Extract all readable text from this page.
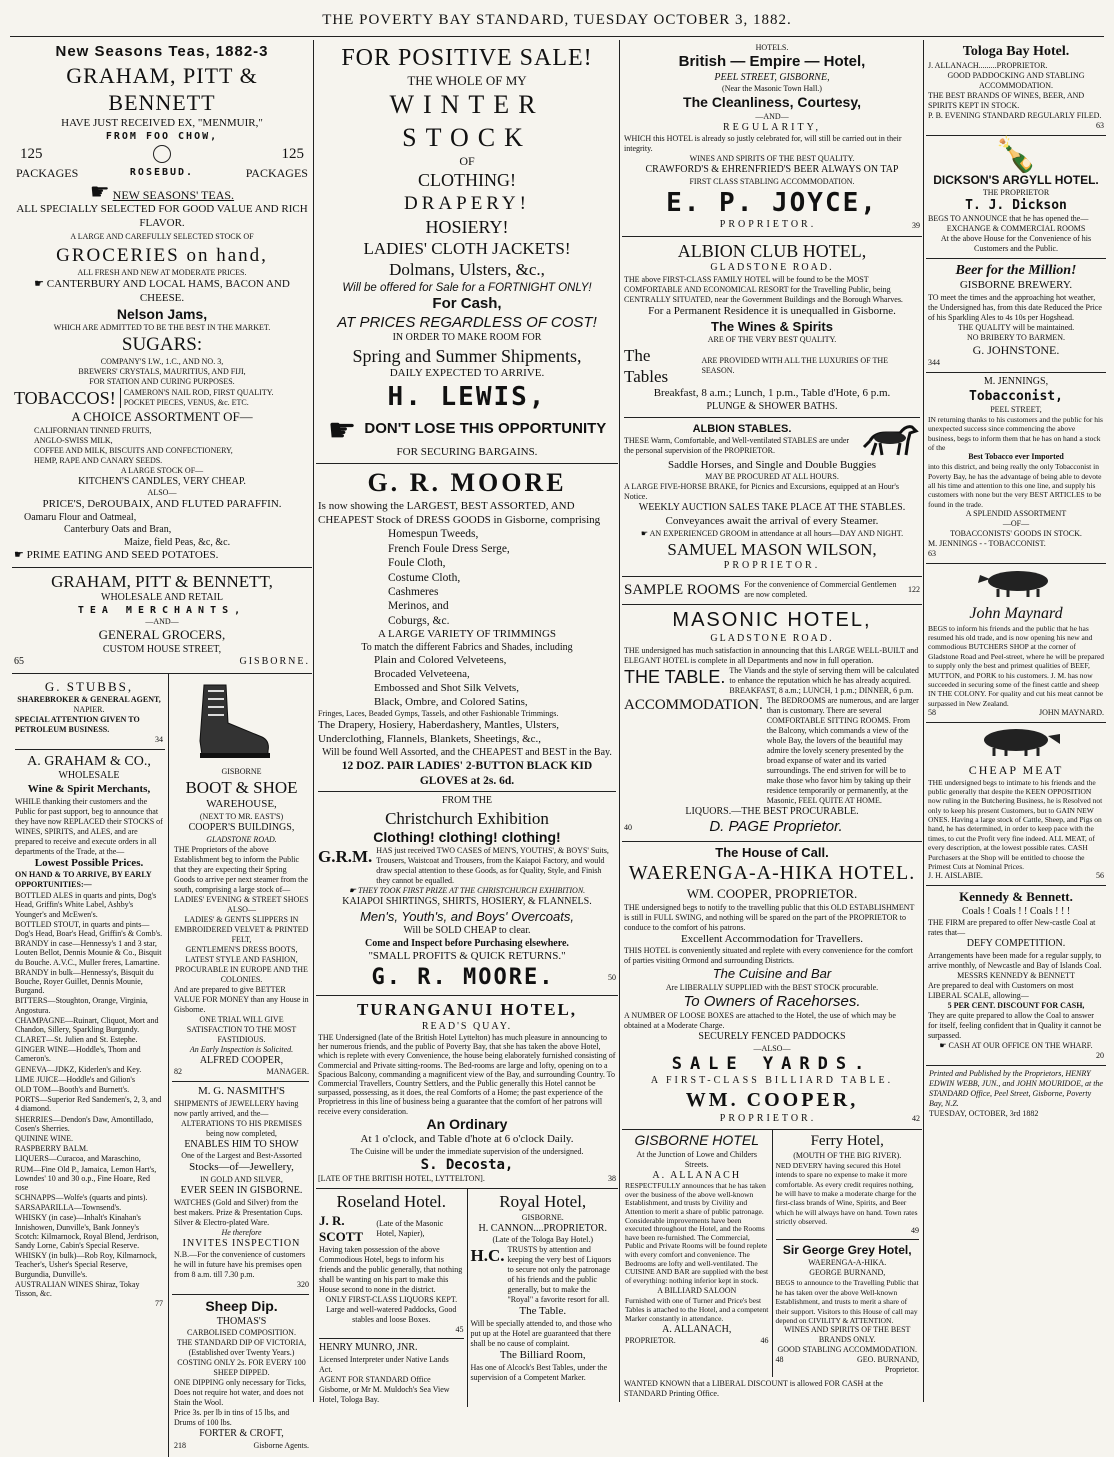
THE POVERTY BAY STANDARD, TUESDAY OCTOBER 3, 1882.
New Seasons Teas, 1882-3
GRAHAM, PITT & BENNETT
HAVE JUST RECEIVED EX, "MENMUIR,"
FROM FOO CHOW,
125	125
PACKAGES	ROSEBUD.	PACKAGES
☛ NEW SEASONS' TEAS.
ALL SPECIALLY SELECTED FOR GOOD VALUE AND RICH FLAVOR.
A LARGE AND CAREFULLY SELECTED STOCK OF
GROCERIES on hand,
ALL FRESH AND NEW AT MODERATE PRICES.
☛ CANTERBURY AND LOCAL HAMS, BACON AND CHEESE.
Nelson Jams,
WHICH ARE ADMITTED TO BE THE BEST IN THE MARKET.
SUGARS:
COMPANY'S I.W., 1.C., AND NO. 3,
BREWERS' CRYSTALS, MAURITIUS, AND FIJI,
FOR STATION AND CURING PURPOSES.
TOBACCOS! CAMERON'S NAIL ROD, FIRST QUALITY.
POCKET PIECES, VENUS, &c. ETC.
A CHOICE ASSORTMENT OF—
CALIFORNIAN TINNED FRUITS,
ANGLO-SWISS MILK,
COFFEE AND MILK, BISCUITS AND CONFECTIONERY,
HEMP, RAPE AND CANARY SEEDS.
A LARGE STOCK OF—
KITCHEN'S CANDLES, VERY CHEAP.
ALSO—
PRICE'S, DeROUBAIX, AND FLUTED PARAFFIN.
Oamaru Flour and Oatmeal,
Canterbury Oats and Bran,
Maize, field Peas, &c, &c.
☛ PRIME EATING AND SEED POTATOES.
GRAHAM, PITT & BENNETT,
WHOLESALE AND RETAIL
TEA MERCHANTS,
—AND—
GENERAL GROCERS,
CUSTOM HOUSE STREET,
65	GISBORNE.
G. STUBBS,
SHAREBROKER & GENERAL AGENT,
NAPIER.
SPECIAL ATTENTION GIVEN TO PETROLEUM BUSINESS.
34
A. GRAHAM & CO.,
WHOLESALE
Wine & Spirit Merchants,
WHILE thanking their customers and the Public for past support, beg to announce that they have now REPLACED their STOCKS of WINES, SPIRITS, and ALES, and are prepared to receive and execute orders in all departments of the Trade, at the—
Lowest Possible Prices.
ON HAND & TO ARRIVE, BY EARLY OPPORTUNITIES:—
BOTTLED ALES in quarts and pints, Dog's Head, Griffin's White Label, Ashby's Younger's and McEwen's.
BOTTLED STOUT, in quarts and pints—Dog's Head, Boar's Head, Griffin's & Comb's.
BRANDY in case—Hennessy's 1 and 3 star, Louten Bellot, Dennis Mounie & Co., Bisquit du Bouche. A.V.C., Muller freres, Lamartine.
BRANDY in bulk—Hennessy's, Bisquit du Bouche, Royer Guillet, Dennis Mounie, Burgand.
BITTERS—Stoughton, Orange, Virginia, Angostura.
CHAMPAGNE—Ruinart, Cliquot, Mort and Chandon, Sillery, Sparkling Burgundy.
CLARET—St. Julien and St. Estephe.
GINGER WINE—Hoddle's, Thom and Cameron's.
GENEVA—JDKZ, Kiderlen's and Key.
LIME JUICE—Hoddle's and Gilion's
OLD TOM—Booth's and Burnett's.
PORTS—Superior Red Sandemen's, 2, 3, and 4 diamond.
SHERRIES—Dendon's Daw, Amontillado, Cosen's Sherries.
QUININE WINE.
RASPBERRY BALM.
LIQUERS—Curacoa, and Maraschino,
RUM—Fine Old P., Jamaica, Lemon Hart's, Lowndes' 10 and 30 o.p., Fine Hoare, Red rose
SCHNAPPS—Wolfe's (quarts and pints).
SARSAPARILLA—Townsend's.
WHISKY (in case)—Inhalt's Kinahan's Innishowen, Dunville's, Bank Jonney's Scotch: Kilmarnock, Royal Blend, Jerdrison, Sandy Lorne, Cabin's Special Reserve.
WHISKY (in bulk)—Rob Roy, Kilmarnock, Teacher's, Usher's Special Reserve, Burgundia, Dunville's.
AUSTRALIAN WINES Shiraz, Tokay Tisson, &c.
77
GISBORNE
BOOT & SHOE
WAREHOUSE,
(NEXT TO MR. EAST'S)
COOPER'S BUILDINGS,
GLADSTONE ROAD.
THE Proprietors of the above Establishment beg to inform the Public that they are expecting their Spring Goods to arrive per next steamer from the south, comprising a large stock of—
LADIES' EVENING & STREET SHOES
ALSO—
LADIES' & GENTS SLIPPERS IN EMBROIDERED VELVET & PRINTED FELT,
GENTLEMEN'S DRESS BOOTS, LATEST STYLE AND FASHION,
PROCURABLE IN EUROPE AND THE COLONIES.
And are prepared to give BETTER VALUE FOR MONEY than any House in Gisborne.
ONE TRIAL WILL GIVE SATISFACTION TO THE MOST FASTIDIOUS.
An Early Inspection is Solicited.
ALFRED COOPER,
82	MANAGER.
M. G. NASMITH'S
SHIPMENTS of JEWELLERY having now partly arrived, and the—
ALTERATIONS TO HIS PREMISES being now completed,
ENABLES HIM TO SHOW
One of the Largest and Best-Assorted
Stocks—of—Jewellery,
IN GOLD AND SILVER,
EVER SEEN IN GISBORNE.
WATCHES (Gold and Silver) from the best makers. Prize & Presentation Cups. Silver & Electro-plated Ware.
He therefore
INVITES INSPECTION
N.B.—For the convenience of customers he will in future have his premises open from 8 a.m. till 7.30 p.m.
320
Sheep Dip.
THOMAS'S
CARBOLISED COMPOSITION.
THE STANDARD DIP OF VICTORIA,
(Established over Twenty Years.)
COSTING ONLY 2s. FOR EVERY 100 SHEEP DIPPED.
ONE DIPPING only necessary for Ticks, Does not require hot water, and does not Stain the Wool.
Price 3s. per lb in tins of 15 lbs, and Drums of 100 lbs.
FORTER & CROFT,
218	Gisborne Agents.
FOR POSITIVE SALE!
THE WHOLE OF MY
WINTER STOCK
OF
CLOTHING!
DRAPERY!
HOSIERY!
LADIES' CLOTH JACKETS!
Dolmans, Ulsters, &c.,
Will be offered for Sale for a FORTNIGHT ONLY!
For Cash,
AT PRICES REGARDLESS OF COST!
IN ORDER TO MAKE ROOM FOR
Spring and Summer Shipments,
DAILY EXPECTED TO ARRIVE.
H. LEWIS,
☛ DON'T LOSE THIS OPPORTUNITY
FOR SECURING BARGAINS.
G. R. MOORE
Is now showing the LARGEST, BEST ASSORTED, AND CHEAPEST Stock of DRESS GOODS in Gisborne, comprising
Homespun Tweeds,
French Foule Dress Serge,
Foule Cloth,
Costume Cloth,
Cashmeres
Merinos, and
Coburgs, &c.
A LARGE VARIETY OF TRIMMINGS
To match the different Fabrics and Shades, including
Plain and Colored Velveteens,
Brocaded Velveteena,
Embossed and Shot Silk Velvets,
Black, Ombre, and Colored Satins,
Fringes, Laces, Beaded Gymps, Tassels, and other Fashionable Trimmings.
The Drapery, Hosiery, Haberdashery, Mantles, Ulsters, Underclothing, Flannels, Blankets, Sheetings, &c.,
Will be found Well Assorted, and the CHEAPEST and BEST in the Bay.
12 DOZ. PAIR LADIES' 2-BUTTON BLACK KID GLOVES at 2s. 6d.
FROM THE
Christchurch Exhibition
Clothing! clothing! clothing!
G.R.M. HAS just received TWO CASES of MEN'S, YOUTHS', & BOYS' Suits, Trousers, Waistcoat and Trousers, from the Kaiapoi Factory, and would draw special attention to these Goods, as for Quality, Style, and Finish they cannot be equalled.
☛ THEY TOOK FIRST PRIZE AT THE CHRISTCHURCH EXHIBITION.
KAIAPOI SHIRTINGS, SHIRTS, HOSIERY, & FLANNELS.
Men's, Youth's, and Boys' Overcoats,
Will be SOLD CHEAP to clear.
Come and Inspect before Purchasing elsewhere.
"SMALL PROFITS & QUICK RETURNS."
G. R. MOORE.	50
TURANGANUI HOTEL,
READ'S QUAY.
THE Undersigned (late of the British Hotel Lyttelton) has much pleasure in announcing to her numerous friends, and the public of Poverty Bay, that she has taken the above Hotel, which is replete with every Convenience, the house being elaborately furnished consisting of Commercial and Private sitting-rooms. The Bed-rooms are large and lofty, opening on to a Spacious Balcony, commanding a magnificent view of the Bay, and surrounding Country. To Commercial Travellers, Country Settlers, and the Public generally this Hotel cannot be surpassed, possessing, as it does, the real Comforts of a Home; the past experience of the Proprietress in this line of business being a guarantee that the comfort of her patrons will receive every consideration.
An Ordinary
At 1 o'clock, and Table d'hote at 6 o'clock Daily.
The Cuisine will be under the immediate supervision of the undersigned.
S. Decosta,
[LATE OF THE BRITISH HOTEL, LYTTELTON].	38
Roseland Hotel.
J. R. SCOTT
(Late of the Masonic Hotel, Napier),
Having taken possession of the above Commodious Hotel, begs to inform his friends and the public generally, that nothing shall be wanting on his part to make this House second to none in the district.
ONLY FIRST-CLASS LIQUORS KEPT.
Large and well-watered Paddocks, Good stables and loose Boxes.
45
HENRY MUNRO, JNR.
Licensed Interpreter under Native Lands Act.
AGENT FOR STANDARD Office Gisborne, or Mr M. Muldoch's Sea View Hotel, Tologa Bay.
Royal Hotel,
GISBORNE.
H. CANNON....PROPRIETOR.
(Late of the Tologa Bay Hotel.)
H.C. TRUSTS by attention and keeping the very best of Liquors to secure not only the patronage of his friends and the public generally, but to make the "Royal" a favorite resort for all.
The Table.
Will be specially attended to, and those who put up at the Hotel are guaranteed that there shall be no cause of complaint.
The Billiard Room,
Has one of Alcock's Best Tables, under the supervision of a Competent Marker.
HOTELS.
British — Empire — Hotel,
PEEL STREET, GISBORNE,
(Near the Masonic Town Hall.)
The Cleanliness, Courtesy,
—AND—
REGULARITY,
WHICH this HOTEL is already so justly celebrated for, will still be carried out in their integrity.
WINES AND SPIRITS OF THE BEST QUALITY.
CRAWFORD'S & EHRENFRIED'S BEER ALWAYS ON TAP
FIRST CLASS STABLING ACCOMMODATION.
E. P. JOYCE,
PROPRIETOR.	39
ALBION CLUB HOTEL,
GLADSTONE ROAD.
THE above FIRST-CLASS FAMILY HOTEL will be found to be the MOST COMFORTABLE AND ECONOMICAL RESORT for the Travelling Public, being CENTRALLY SITUATED, near the Government Buildings and the Borough Wharves.
For a Permanent Residence it is unequalled in Gisborne.
The Wines & Spirits
ARE OF THE VERY BEST QUALITY.
The Tables
ARE PROVIDED WITH ALL THE LUXURIES OF THE SEASON.
Breakfast, 8 a.m.; Lunch, 1 p.m., Table d'Hote, 6 p.m.
PLUNGE & SHOWER BATHS.
ALBION STABLES.
THESE Warm, Comfortable, and Well-ventilated STABLES are under the personal supervision of the PROPRIETOR.
Saddle Horses, and Single and Double Buggies
MAY BE PROCURED AT ALL HOURS.
A LARGE FIVE-HORSE BRAKE, for Picnics and Excursions, equipped at an Hour's Notice.
WEEKLY AUCTION SALES TAKE PLACE AT THE STABLES.
Conveyances await the arrival of every Steamer.
☛ AN EXPERIENCED GROOM in attendance at all hours—DAY AND NIGHT.
SAMUEL MASON WILSON,
PROPRIETOR.
SAMPLE ROOMS For the convenience of Commercial Gentlemen are now completed.
122
MASONIC HOTEL,
GLADSTONE ROAD.
THE undersigned has much satisfaction in announcing that this LARGE WELL-BUILT and ELEGANT HOTEL is complete in all Departments and now in full operation.
THE TABLE. The Viands and the style of serving them will be calculated to enhance the reputation which he has already acquired. BREAKFAST, 8 a.m.; LUNCH, 1 p.m.; DINNER, 6 p.m.
ACCOMMODATION. The BEDROOMS are numerous, and are larger than is customary. There are several COMFORTABLE SITTING ROOMS. From the Balcony, which commands a view of the whole Bay, the lovers of the beautiful may admire the lovely scenery presented by the broad expanse of water and its varied surroundings. The end striven for will be to make those who favor him by taking up their residence temporarily or permanently, at the Masonic, FEEL QUITE AT HOME.
LIQUORS.—THE BEST PROCURABLE.
40	D. PAGE Proprietor.
The House of Call.
WAERENGA-A-HIKA HOTEL.
WM. COOPER, PROPRIETOR.
THE undersigned begs to notify to the travelling public that this OLD ESTABLISHMENT is still in FULL SWING, and nothing will be spared on the part of the PROPRIETOR to conduce to the comfort of his patrons.
Excellent Accommodation for Travellers.
THIS HOTEL is conveniently situated and replete with every convenience for the comfort of parties visiting Ormond and surrounding Districts.
The Cuisine and Bar
Are LIBERALLY SUPPLIED with the BEST STOCK procurable.
To Owners of Racehorses.
A NUMBER OF LOOSE BOXES are attached to the Hotel, the use of which may be obtained at a Moderate Charge.
SECURELY FENCED PADDOCKS
—ALSO—
SALE YARDS.
A FIRST-CLASS BILLIARD TABLE.
WM. COOPER,
PROPRIETOR.	42
GISBORNE HOTEL
At the Junction of Lowe and Childers Streets.
A. ALLANACH
RESPECTFULLY announces that he has taken over the business of the above well-known Establishment, and trusts by Civility and Attention to merit a share of public patronage. Considerable improvements have been executed throughout the Hotel, and the Rooms have been re-furnished. The Commercial, Public and Private Rooms will be found replete with every comfort and convenience. The Bedrooms are lofty and well-ventilated. The CUISINE AND BAR are supplied with the best of everything: nothing inferior kept in stock.
A BILLIARD SALOON
Furnished with one of Turner and Price's best Tables is attached to the Hotel, and a competent Marker constantly in attendance.
A. ALLANACH,
PROPRIETOR.	46
Ferry Hotel,
(MOUTH OF THE BIG RIVER).
NED DEVERY having secured this Hotel intends to spare no expense to make it more comfortable. As every credit requires nothing, he will have to make a moderate charge for the first-class brands of Wine, Spirits, and Beer which he will always have on hand. Town rates strictly observed.
49
Sir George Grey Hotel,
WAERENGA-A-HIKA.
GEORGE BURNAND,
BEGS to announce to the Travelling Public that he has taken over the above Well-known Establishment, and trusts to merit a share of their support. Visitors to this House of call may depend on CIVILITY & ATTENTION.
WINES AND SPIRITS OF THE BEST BRANDS ONLY.
GOOD STABLING ACCOMMODATION.
48	GEO. BURNAND,
Proprietor.
WANTED KNOWN that a LIBERAL DISCOUNT is allowed FOR CASH at the STANDARD Printing Office.
Tologa Bay Hotel.
J. ALLANACH.........PROPRIETOR.
GOOD PADDOCKING AND STABLING ACCOMMODATION.
THE BEST BRANDS OF WINES, BEER, AND SPIRITS KEPT IN STOCK.
P. B. EVENING STANDARD REGULARLY FILED.
63
🍾
DICKSON'S ARGYLL HOTEL.
THE PROPRIETOR
T. J. Dickson
BEGS TO ANNOUNCE that he has opened the—
EXCHANGE & COMMERCIAL ROOMS
At the above House for the Convenience of his Customers and the Public.
Beer for the Million!
GISBORNE BREWERY.
TO meet the times and the approaching hot weather, the Undersigned has, from this date Reduced the Price of his Sparkling Ales to 4s 10s per Hogshead.
THE QUALITY will be maintained.
NO BRIBERY TO BARMEN.
G. JOHNSTONE.
344
M. JENNINGS,
Tobacconist,
PEEL STREET,
IN returning thanks to his customers and the public for his unexpected success since commencing the above business, begs to inform them that he has on hand a stock of the
Best Tobacco ever Imported
into this district, and being really the only Tobacconist in Poverty Bay, he has the advantage of being able to devote all his time and attention to this one line, and supply his customers with none but the very BEST ARTICLES to be found in the trade.
A SPLENDID ASSORTMENT
—OF—
TOBACCONISTS' GOODS IN STOCK.
M. JENNINGS - - TOBACCONIST.
63
John Maynard
BEGS to inform his friends and the public that he has resumed his old trade, and is now opening his new and commodious BUTCHERS SHOP at the corner of Gladstone Road and Peel-street, where he will be prepared to supply only the best and primest qualities of BEEF, MUTTON, and PORK to his customers. J. M. has now succeeded in securing some of the finest cattle and sheep IN THE COLONY. For quality and cut his meat cannot be surpassed in New Zealand.
58	JOHN MAYNARD.
CHEAP MEAT
THE undersigned begs to intimate to his friends and the public generally that despite the KEEN OPPOSITION now ruling in the Butchering Business, he is Resolved not only to keep his present Customers, but to GAIN NEW ONES. Having a large stock of Cattle, Sheep, and Pigs on hand, he has determined, in order to keep pace with the times, to cut the Profit very fine indeed. ALL MEAT, of every description, at the lowest possible rates. CASH Purchasers at the Shop will be entitled to choose the Primest Cuts at Nominal Prices.
J. H. AISLABIE.	56
Kennedy & Bennett.
Coals ! Coals ! ! Coals ! ! !
THE FIRM are prepared to offer New-castle Coal at rates that—
DEFY COMPETITION.
Arrangements have been made for a regular supply, to arrive monthly, of Newcastle and Bay of Islands Coal.
MESSRS KENNEDY & BENNETT
Are prepared to deal with Customers on most LIBERAL SCALE, allowing—
5 PER CENT. DISCOUNT FOR CASH,
They are quite prepared to allow the Coal to answer for itself, feeling confident that in Quality it cannot be surpassed.
☛ CASH AT OUR OFFICE ON THE WHARF.
20
Printed and Published by the Proprietors, HENRY EDWIN WEBB, JUN., and JOHN MOURIDOE, at the STANDARD Office, Peel Street, Gisborne, Poverty Bay, N.Z.
TUESDAY, OCTOBER, 3rd 1882
